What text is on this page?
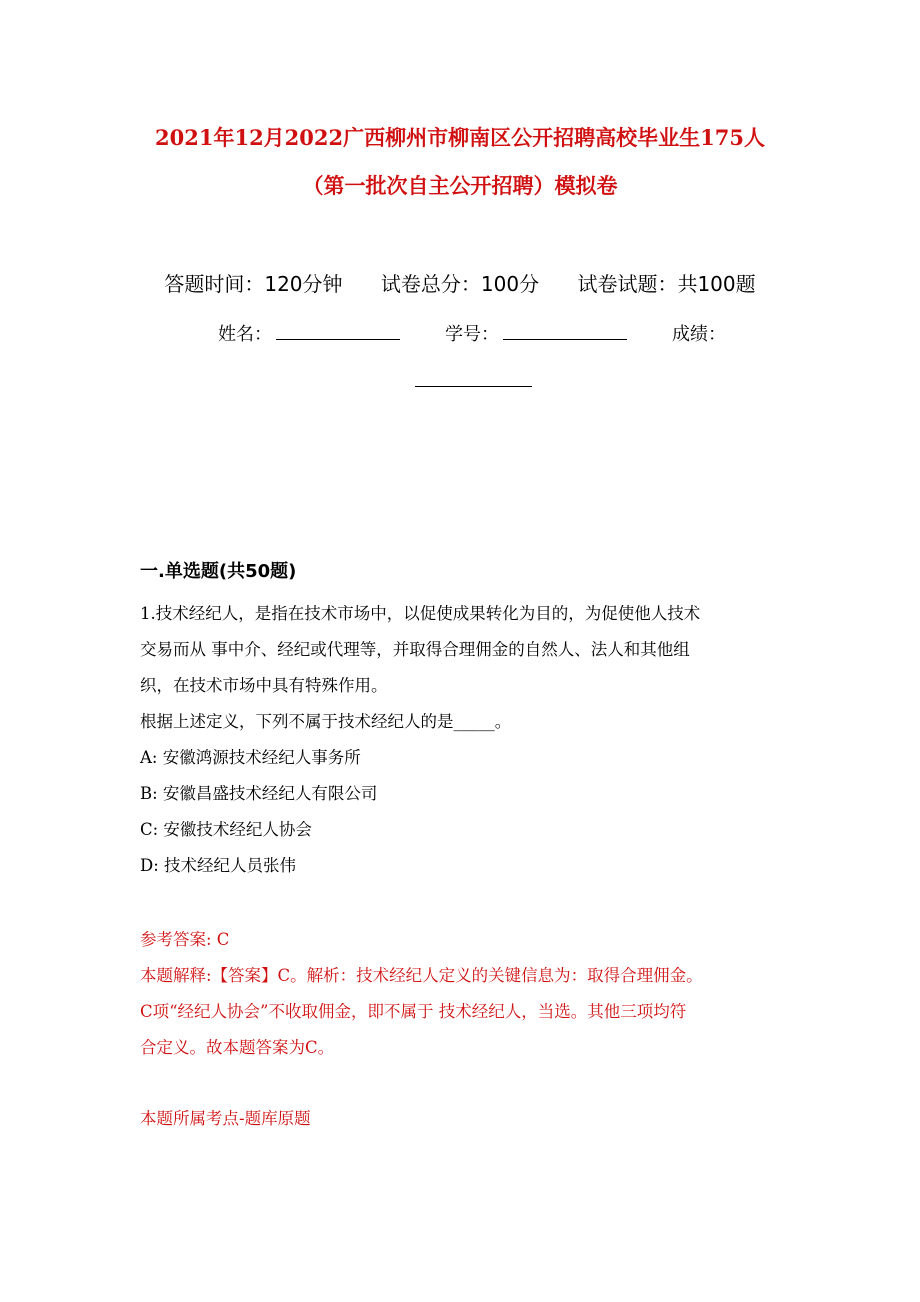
2021年12月2022广西柳州市柳南区公开招聘高校毕业生175人
（第一批次自主公开招聘）模拟卷
答题时间：120分钟 试卷总分：100分 试卷试题：共100题
姓名：	学号：	成绩：
一.单选题(共50题)
1.技术经纪人，是指在技术市场中，以促使成果转化为目的，为促使他人技术
交易而从 事中介、经纪或代理等，并取得合理佣金的自然人、法人和其他组
织，在技术市场中具有特殊作用。
根据上述定义，下列不属于技术经纪人的是_____。
A: 安徽鸿源技术经纪人事务所
B: 安徽昌盛技术经纪人有限公司
C: 安徽技术经纪人协会
D: 技术经纪人员张伟
参考答案: C
本题解释:【答案】C。解析：技术经纪人定义的关键信息为：取得合理佣金。
C项“经纪人协会”不收取佣金，即不属于 技术经纪人，当选。其他三项均符
合定义。故本题答案为C。
本题所属考点-题库原题
